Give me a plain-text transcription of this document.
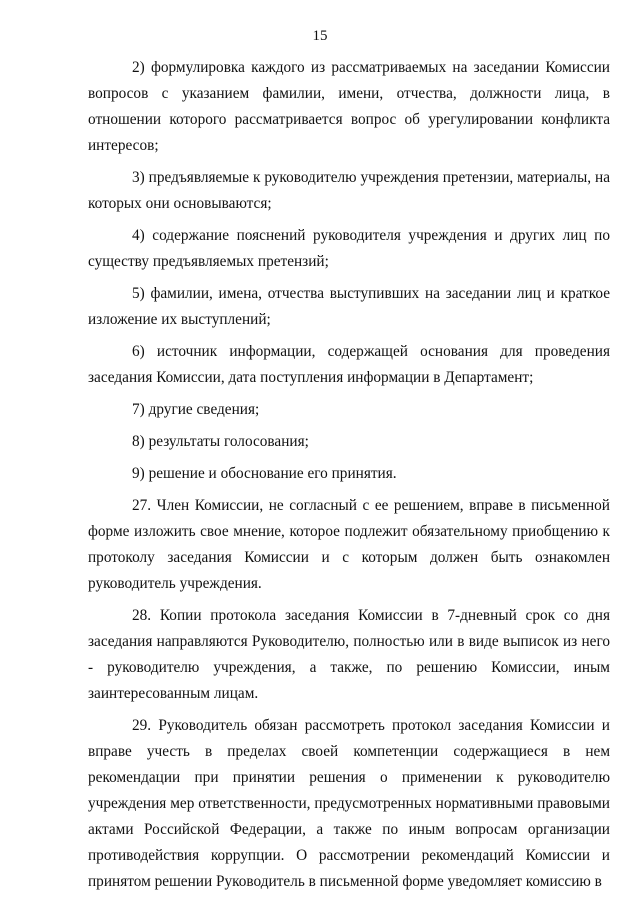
15

2) формулировка каждого из рассматриваемых на заседании Комиссии вопросов с указанием фамилии, имени, отчества, должности лица, в отношении которого рассматривается вопрос об урегулировании конфликта интересов;

3) предъявляемые к руководителю учреждения претензии, материалы, на которых они основываются;

4) содержание пояснений руководителя учреждения и других лиц по существу предъявляемых претензий;

5) фамилии, имена, отчества выступивших на заседании лиц и краткое изложение их выступлений;

6) источник информации, содержащей основания для проведения заседания Комиссии, дата поступления информации в Департамент;

7) другие сведения;

8) результаты голосования;

9) решение и обоснование его принятия.

27. Член Комиссии, не согласный с ее решением, вправе в письменной форме изложить свое мнение, которое подлежит обязательному приобщению к протоколу заседания Комиссии и с которым должен быть ознакомлен руководитель учреждения.

28. Копии протокола заседания Комиссии в 7-дневный срок со дня заседания направляются Руководителю, полностью или в виде выписок из него - руководителю учреждения, а также, по решению Комиссии, иным заинтересованным лицам.

29. Руководитель обязан рассмотреть протокол заседания Комиссии и вправе учесть в пределах своей компетенции содержащиеся в нем рекомендации при принятии решения о применении к руководителю учреждения мер ответственности, предусмотренных нормативными правовыми актами Российской Федерации, а также по иным вопросам организации противодействия коррупции. О рассмотрении рекомендаций Комиссии и принятом решении Руководитель в письменной форме уведомляет комиссию в
